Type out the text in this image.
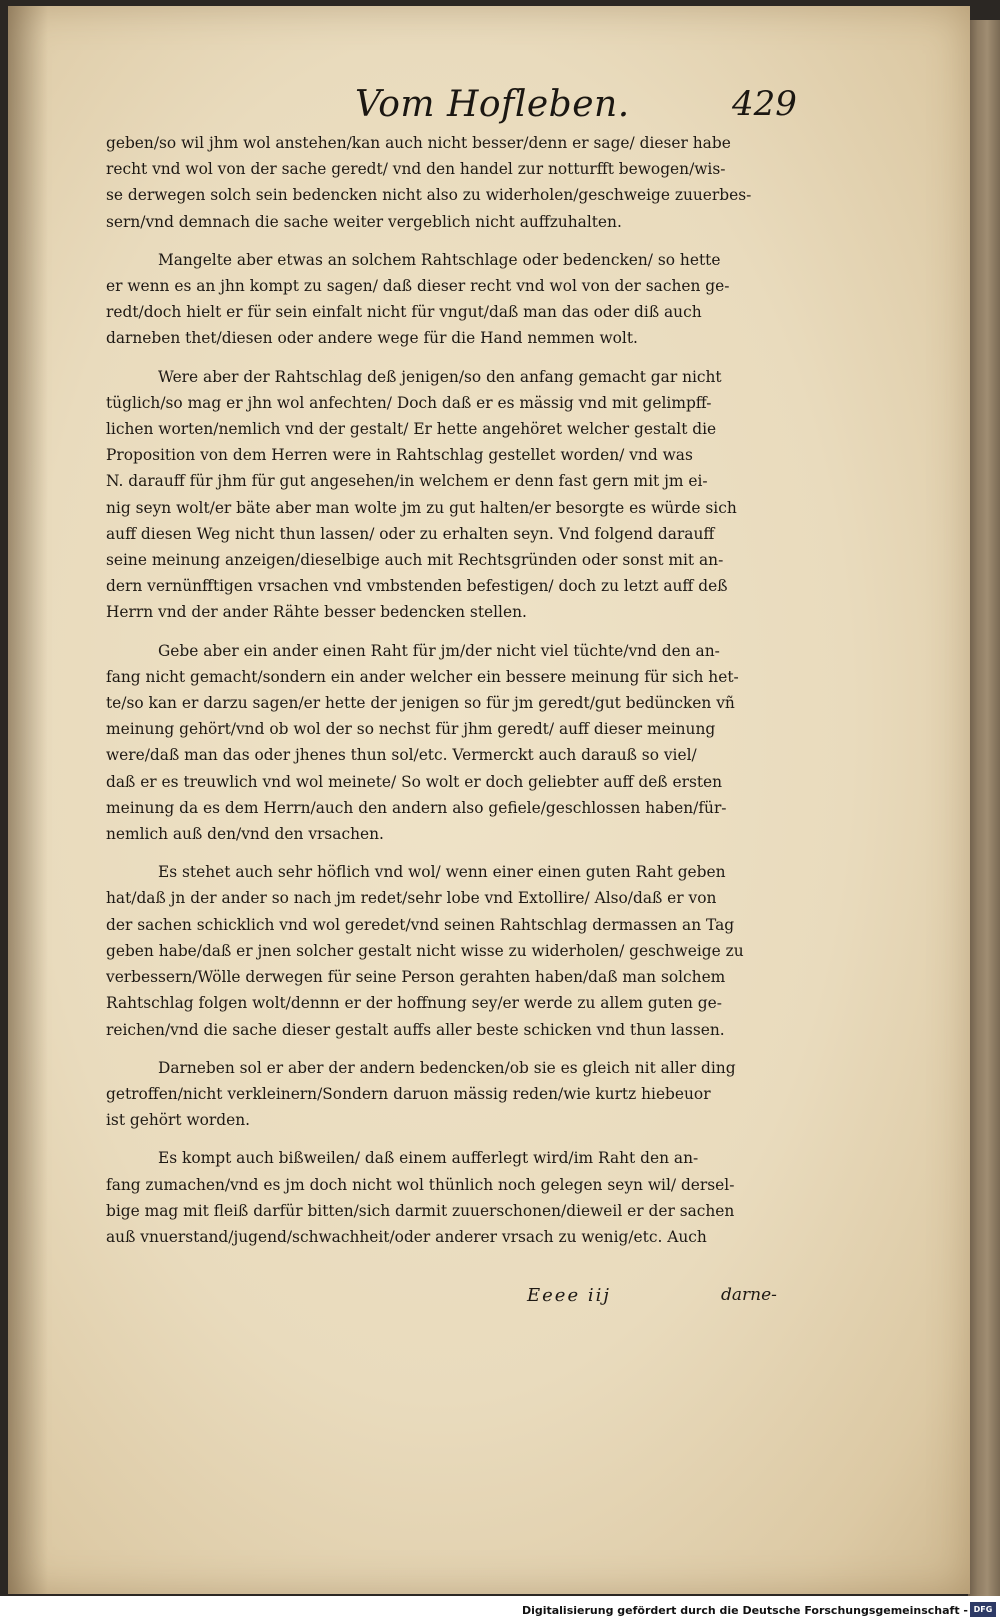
Vom Hofleben.	429

geben/so wil jhm wol anstehen/kan auch nicht besser/denn er sage/ dieser habe
recht vnd wol von der sache geredt/ vnd den handel zur notturfft bewogen/wis-
se derwegen solch sein bedencken nicht also zu widerholen/geschweige zuuerbes-
sern/vnd demnach die sache weiter vergeblich nicht auffzuhalten.

Mangelte aber etwas an solchem Rahtschlage oder bedencken/ so hette
er wenn es an jhn kompt zu sagen/ daß dieser recht vnd wol von der sachen ge-
redt/doch hielt er für sein einfalt nicht für vngut/daß man das oder diß auch
darneben thet/diesen oder andere wege für die Hand nemmen wolt.

Were aber der Rahtschlag deß jenigen/so den anfang gemacht gar nicht
tüglich/so mag er jhn wol anfechten/ Doch daß er es mässig vnd mit gelimpff-
lichen worten/nemlich vnd der gestalt/ Er hette angehöret welcher gestalt die
Proposition von dem Herren were in Rahtschlag gestellet worden/ vnd was
N. darauff für jhm für gut angesehen/in welchem er denn fast gern mit jm ei-
nig seyn wolt/er bäte aber man wolte jm zu gut halten/er besorgte es würde sich
auff diesen Weg nicht thun lassen/ oder zu erhalten seyn. Vnd folgend darauff
seine meinung anzeigen/dieselbige auch mit Rechtsgründen oder sonst mit an-
dern vernünfftigen vrsachen vnd vmbstenden befestigen/ doch zu letzt auff deß
Herrn vnd der ander Rähte besser bedencken stellen.

Gebe aber ein ander einen Raht für jm/der nicht viel tüchte/vnd den an-
fang nicht gemacht/sondern ein ander welcher ein bessere meinung für sich het-
te/so kan er darzu sagen/er hette der jenigen so für jm geredt/gut bedüncken vñ
meinung gehört/vnd ob wol der so nechst für jhm geredt/ auff dieser meinung
were/daß man das oder jhenes thun sol/etc. Vermerckt auch darauß so viel/
daß er es treuwlich vnd wol meinete/ So wolt er doch geliebter auff deß ersten
meinung da es dem Herrn/auch den andern also gefiele/geschlossen haben/für-
nemlich auß den/vnd den vrsachen.

Es stehet auch sehr höflich vnd wol/ wenn einer einen guten Raht geben
hat/daß jn der ander so nach jm redet/sehr lobe vnd Extollire/ Also/daß er von
der sachen schicklich vnd wol geredet/vnd seinen Rahtschlag dermassen an Tag
geben habe/daß er jnen solcher gestalt nicht wisse zu widerholen/ geschweige zu
verbessern/Wölle derwegen für seine Person gerahten haben/daß man solchem
Rahtschlag folgen wolt/dennn er der hoffnung sey/er werde zu allem guten ge-
reichen/vnd die sache dieser gestalt auffs aller beste schicken vnd thun lassen.

Darneben sol er aber der andern bedencken/ob sie es gleich nit aller ding
getroffen/nicht verkleinern/Sondern daruon mässig reden/wie kurtz hiebeuor
ist gehört worden.

Es kompt auch bißweilen/ daß einem aufferlegt wird/im Raht den an-
fang zumachen/vnd es jm doch nicht wol thünlich noch gelegen seyn wil/ dersel-
bige mag mit fleiß darfür bitten/sich darmit zuuerschonen/dieweil er der sachen
auß vnuerstand/jugend/schwachheit/oder anderer vrsach zu wenig/etc. Auch

Eeee iij	darne-
Digitalisierung gefördert durch die Deutsche Forschungsgemeinschaft - DFG
